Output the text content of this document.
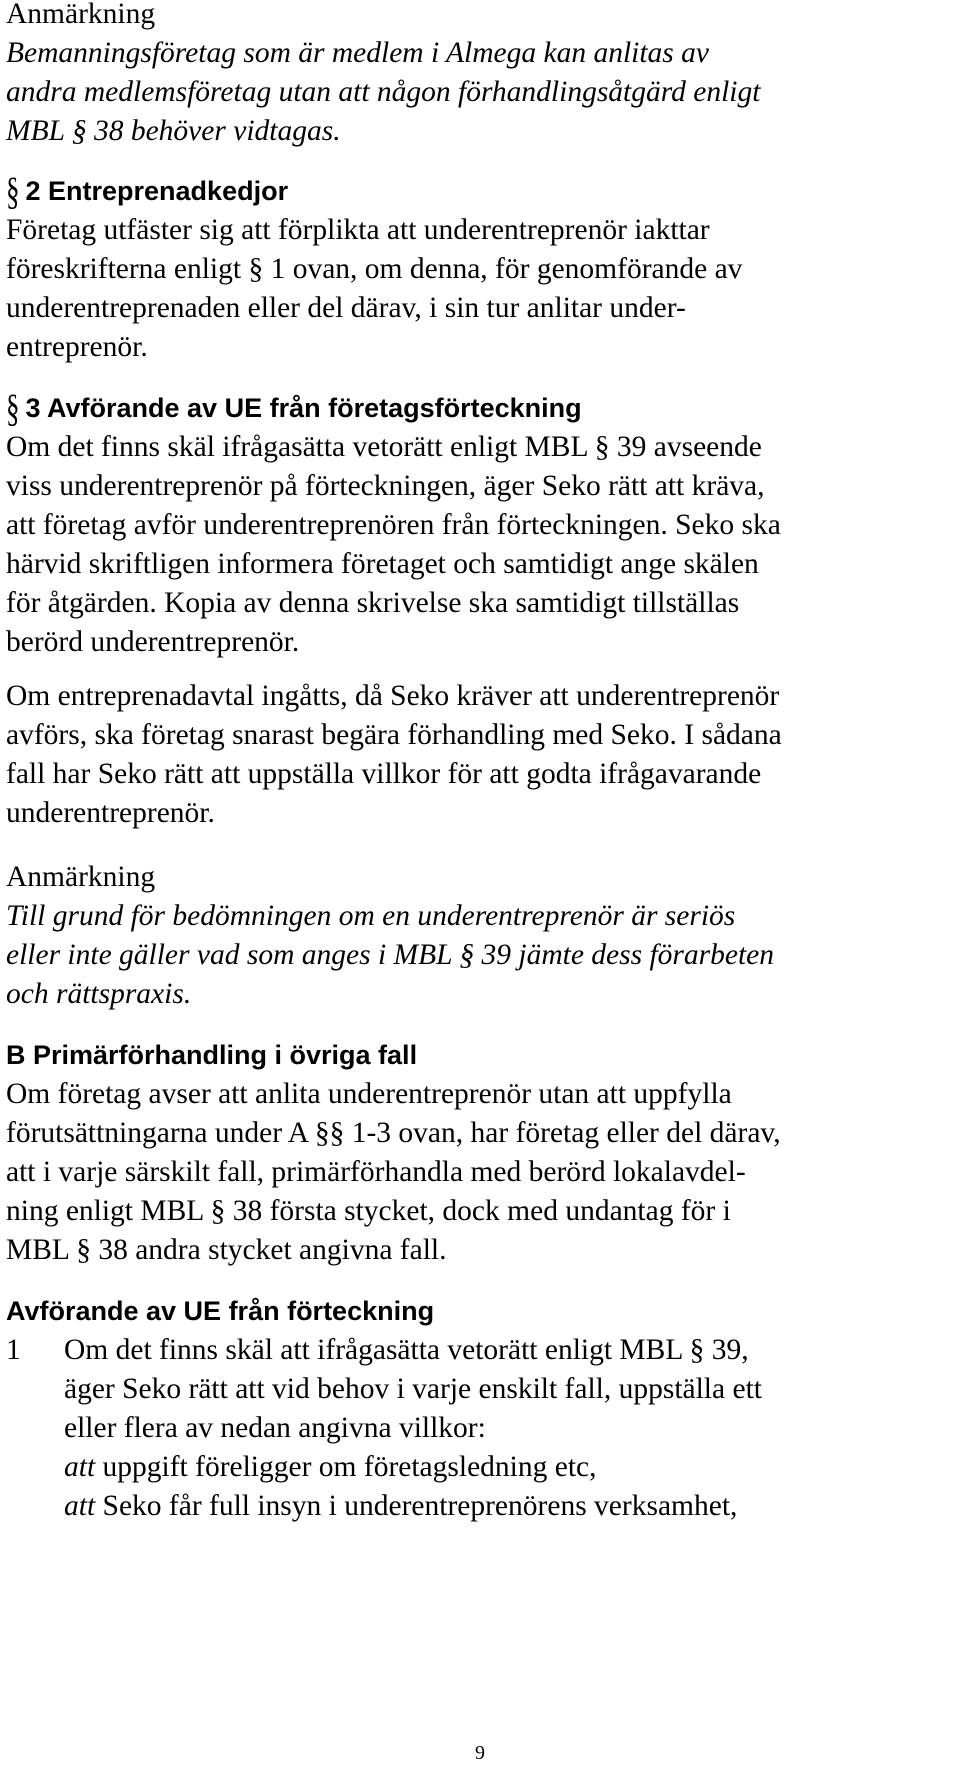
Anmärkning
Bemanningsföretag som är medlem i Almega kan anlitas av
andra medlemsföretag utan att någon förhandlingsåtgärd enligt
MBL § 38 behöver vidtagas.
§ 2 Entreprenadkedjor
Företag utfäster sig att förplikta att underentreprenör iakttar
föreskrifterna enligt § 1 ovan, om denna, för genomförande av
underentreprenaden eller del därav, i sin tur anlitar under-
entreprenör.
§ 3 Avförande av UE från företagsförteckning
Om det finns skäl ifrågasätta vetorätt enligt MBL § 39 avseende
viss underentreprenör på förteckningen, äger Seko rätt att kräva,
att företag avför underentreprenören från förteckningen. Seko ska
härvid skriftligen informera företaget och samtidigt ange skälen
för åtgärden. Kopia av denna skrivelse ska samtidigt tillställas
berörd underentreprenör.
Om entreprenadavtal ingåtts, då Seko kräver att underentreprenör
avförs, ska företag snarast begära förhandling med Seko. I sådana
fall har Seko rätt att uppställa villkor för att godta ifrågavarande
underentreprenör.
Anmärkning
Till grund för bedömningen om en underentreprenör är seriös
eller inte gäller vad som anges i MBL § 39 jämte dess förarbeten
och rättspraxis.
B Primärförhandling i övriga fall
Om företag avser att anlita underentreprenör utan att uppfylla
förutsättningarna under A §§ 1-3 ovan, har företag eller del därav,
att i varje särskilt fall, primärförhandla med berörd lokalavdel-
ning enligt MBL § 38 första stycket, dock med undantag för i
MBL § 38 andra stycket angivna fall.
Avförande av UE från förteckning
1 Om det finns skäl att ifrågasätta vetorätt enligt MBL § 39,
äger Seko rätt att vid behov i varje enskilt fall, uppställa ett
eller flera av nedan angivna villkor:
att uppgift föreligger om företagsledning etc,
att Seko får full insyn i underentreprenörens verksamhet,
9
